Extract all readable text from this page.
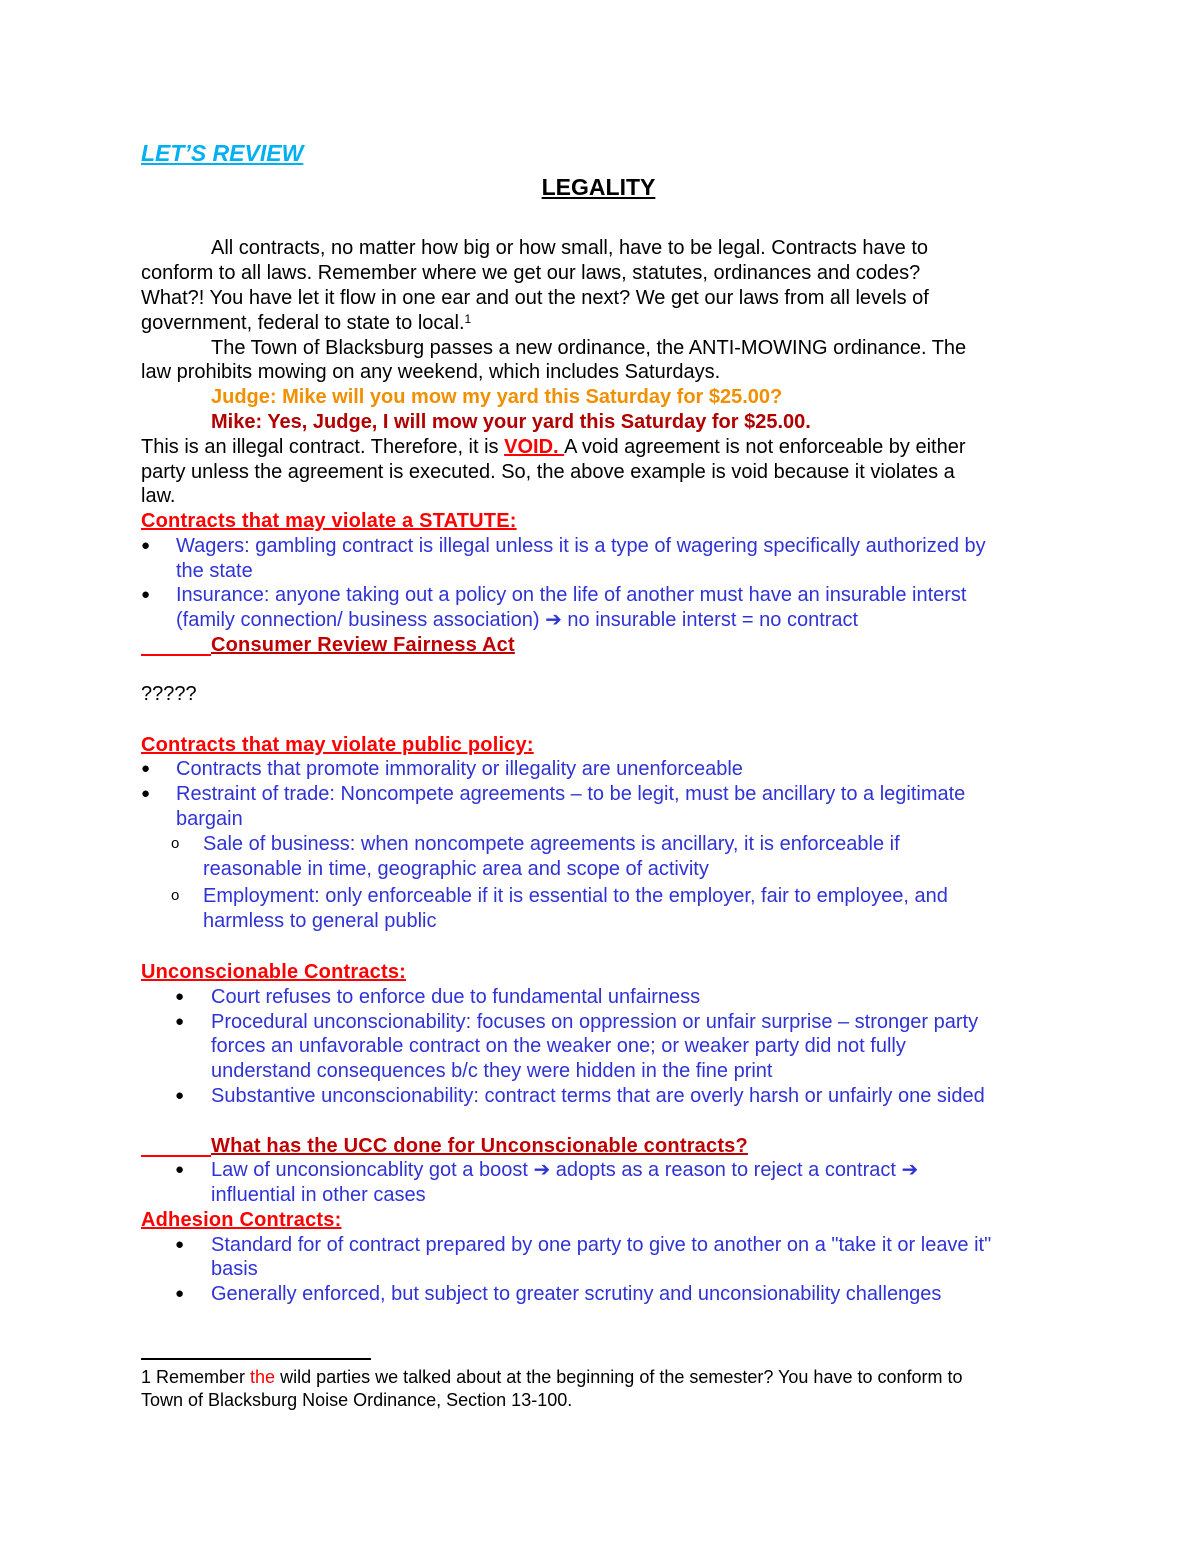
LET’S REVIEW
LEGALITY
All contracts, no matter how big or how small, have to be legal. Contracts have to
conform to all laws. Remember where we get our laws, statutes, ordinances and codes?
What?! You have let it flow in one ear and out the next? We get our laws from all levels of
government, federal to state to local.$^1$
The Town of Blacksburg passes a new ordinance, the ANTI-MOWING ordinance. The
law prohibits mowing on any weekend, which includes Saturdays.
Judge: Mike will you mow my yard this Saturday for $25.00?
Mike: Yes, Judge, I will mow your yard this Saturday for $25.00.
This is an illegal contract. Therefore, it is VOID. A void agreement is not enforceable by either
party unless the agreement is executed. So, the above example is void because it violates a
law.
Contracts that may violate a STATUTE:
● Wagers: gambling contract is illegal unless it is a type of wagering specifically authorized by
the state
● Insurance: anyone taking out a policy on the life of another must have an insurable interst
(family connection/ business association) ➔ no insurable interst = no contract
Consumer Review Fairness Act
?????
Contracts that may violate public policy:
● Contracts that promote immorality or illegality are unenforceable
● Restraint of trade: Noncompete agreements – to be legit, must be ancillary to a legitimate
bargain
o Sale of business: when noncompete agreements is ancillary, it is enforceable if
reasonable in time, geographic area and scope of activity
o Employment: only enforceable if it is essential to the employer, fair to employee, and
harmless to general public
Unconscionable Contracts:
● Court refuses to enforce due to fundamental unfairness
● Procedural unconscionability: focuses on oppression or unfair surprise – stronger party
forces an unfavorable contract on the weaker one; or weaker party did not fully
understand consequences b/c they were hidden in the fine print
● Substantive unconscionability: contract terms that are overly harsh or unfairly one sided
What has the UCC done for Unconscionable contracts?
● Law of unconsioncablity got a boost ➔ adopts as a reason to reject a contract ➔
influential in other cases
Adhesion Contracts:
● Standard for of contract prepared by one party to give to another on a "take it or leave it"
basis
● Generally enforced, but subject to greater scrutiny and unconsionability challenges
1 Remember the wild parties we talked about at the beginning of the semester? You have to conform to
Town of Blacksburg Noise Ordinance, Section 13-100.
